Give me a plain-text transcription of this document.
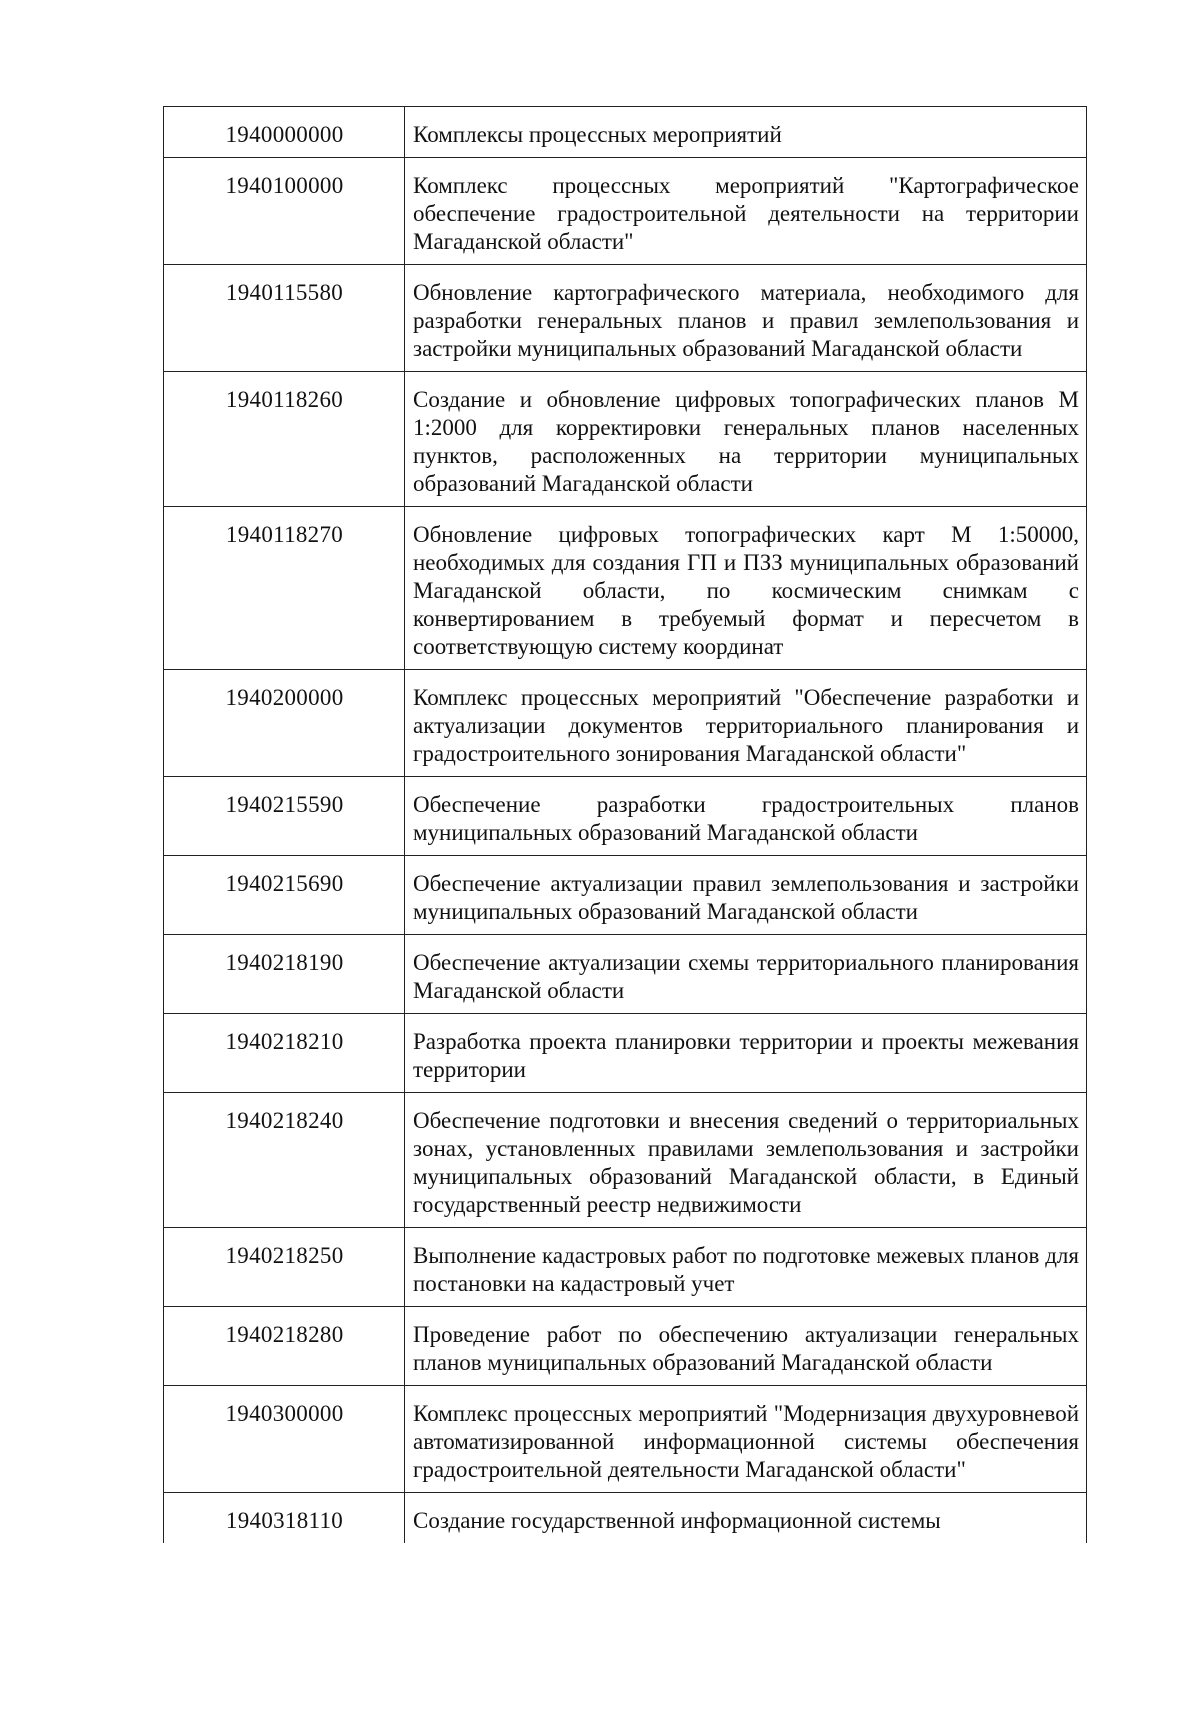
1940000000	Комплексы процессных мероприятий
1940100000	Комплекс процессных мероприятий "Картографическое обеспечение градостроительной деятельности на территории Магаданской области"
1940115580	Обновление картографического материала, необходимого для разработки генеральных планов и правил землепользования и застройки муниципальных образований Магаданской области
1940118260	Создание и обновление цифровых топографических планов М 1:2000 для корректировки генеральных планов населенных пунктов, расположенных на территории муниципальных образований Магаданской области
1940118270	Обновление цифровых топографических карт М 1:50000, необходимых для создания ГП и ПЗЗ муниципальных образований Магаданской области, по космическим снимкам с конвертированием в требуемый формат и пересчетом в соответствующую систему координат
1940200000	Комплекс процессных мероприятий "Обеспечение разработки и актуализации документов территориального планирования и градостроительного зонирования Магаданской области"
1940215590	Обеспечение разработки градостроительных планов муниципальных образований Магаданской области
1940215690	Обеспечение актуализации правил землепользования и застройки муниципальных образований Магаданской области
1940218190	Обеспечение актуализации схемы территориального планирования Магаданской области
1940218210	Разработка проекта планировки территории и проекты межевания территории
1940218240	Обеспечение подготовки и внесения сведений о территориальных зонах, установленных правилами землепользования и застройки муниципальных образований Магаданской области, в Единый государственный реестр недвижимости
1940218250	Выполнение кадастровых работ по подготовке межевых планов для постановки на кадастровый учет
1940218280	Проведение работ по обеспечению актуализации генеральных планов муниципальных образований Магаданской области
1940300000	Комплекс процессных мероприятий "Модернизация двухуровневой автоматизированной информационной системы обеспечения градостроительной деятельности Магаданской области"
1940318110	Создание государственной информационной системы
